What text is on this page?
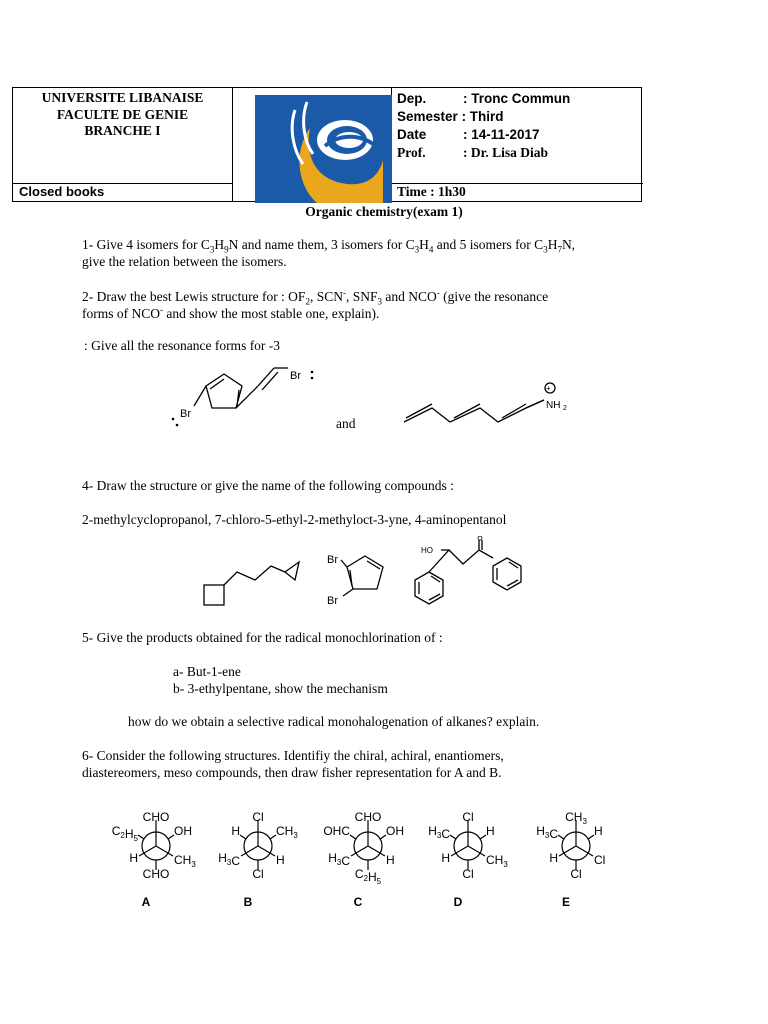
UNIVERSITE LIBANAISE
FACULTE DE GENIE
BRANCHE I
Closed books
Dep.	: Tronc Commun
Semester : Third
Date	: 14-11-2017
Prof.	: Dr. Lisa Diab
Time : 1h30
Organic chemistry(exam 1)
1- Give 4 isomers for $C_3H_9N$ and name them, 3 isomers for $C_3H_4$ and 5 isomers for $C_3H_7N$,
give the relation between the isomers.
2- Draw the best Lewis structure for : $OF_2$, SCN-, $SNF_3$ and NCO- (give the resonance
forms of NCO- and show the most stable one, explain).
: Give all the resonance forms for -3
and
Br
Br
+
NH 2
4- Draw the structure or give the name of the following compounds :
2-methylcyclopropanol, 7-chloro-5-ethyl-2-methyloct-3-yne, 4-aminopentanol
Br
Br
HO
5- Give the products obtained for the radical monochlorination of :
a- But-1-ene
b- 3-ethylpentane, show the mechanism
how do we obtain a selective radical monohalogenation of alkanes? explain.
6- Consider the following structures. Identifiy the chiral, achiral, enantiomers,
diastereomers, meso compounds, then draw fisher representation for A and B.
A
CHO
$C_2H_5$
OH
H	$CH_3$
CHO
B
Cl
H	$CH_3$
$H_3C$	H
Cl
C
CHO
OHC	OH
$H_3C$	H
$C_2H_5$
D
Cl
$H_3C$	H
H	$CH_3$
Cl
E
$CH_3$
$H_3C$	H
H	Cl
Cl
